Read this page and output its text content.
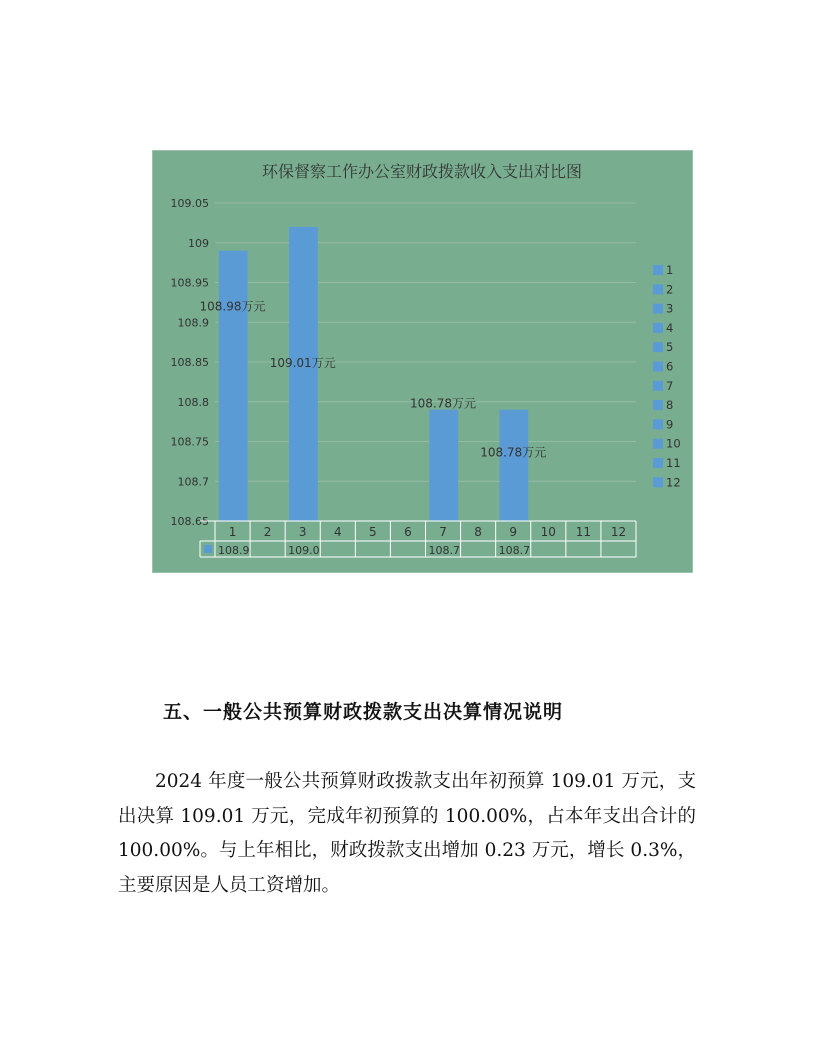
环保督察工作办公室财政拨款收入支出对比图
109.05
109
108.95
108.9
108.85
108.8
108.75
108.7
108.65
108.98万元
109.01万元
108.78万元
108.78万元
1
108.9
2 3
109.0
4 5 6 7
108.7
8 9
108.7
10 11 12
1
2
3
4
5
6
7
8
9
10
11
12
五、一般公共预算财政拨款支出决算情况说明

2024 年度一般公共预算财政拨款支出年初预算 109.01 万元，支出决算 109.01 万元，完成年初预算的 100.00%，占本年支出合计的 100.00%。与上年相比，财政拨款支出增加 0.23 万元，增长 0.3%，主要原因是人员工资增加。
